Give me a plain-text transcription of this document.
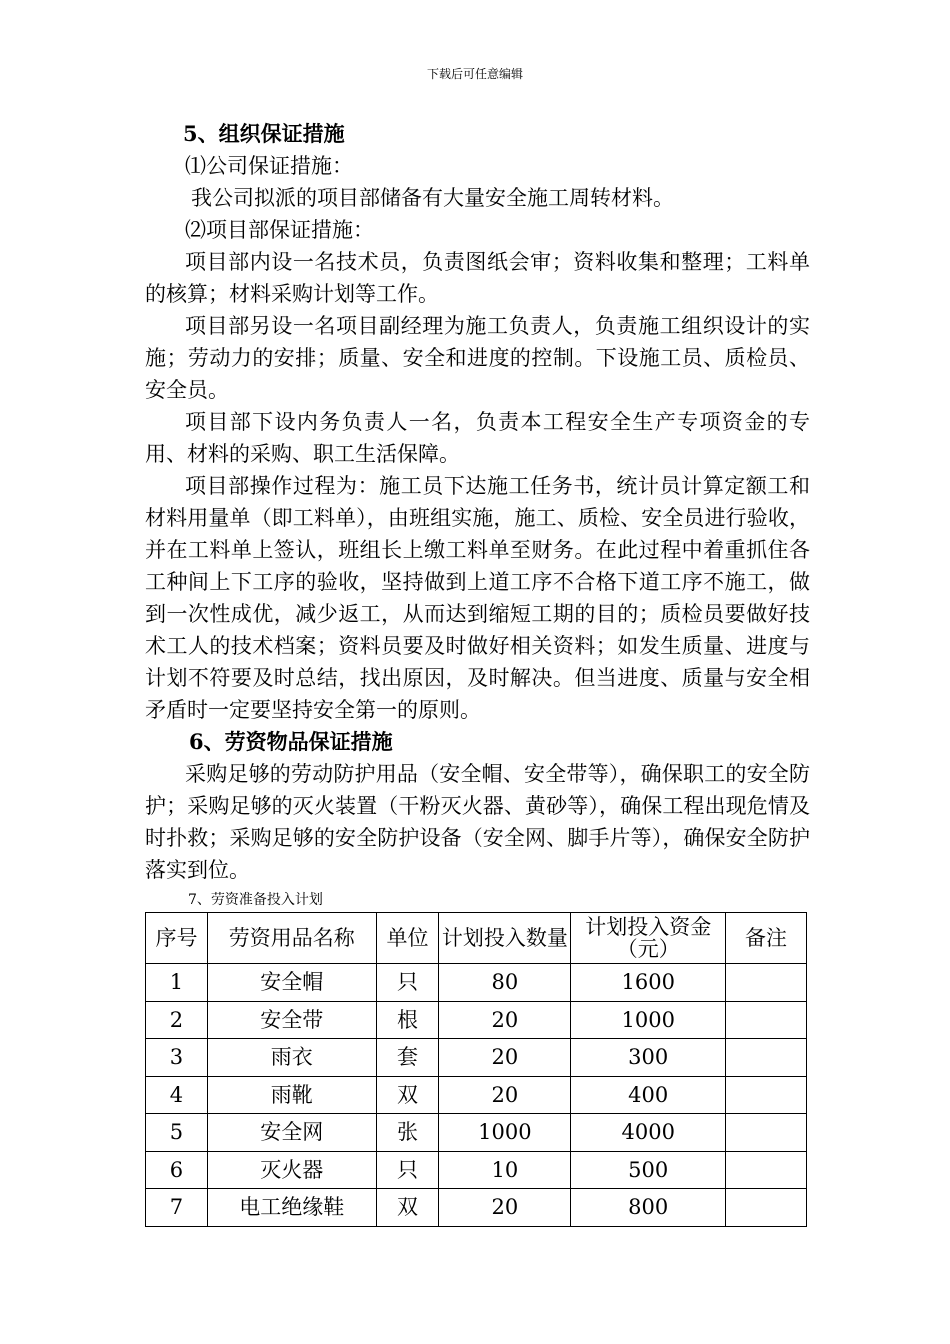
下载后可任意编辑

5、组织保证措施

⑴公司保证措施：

我公司拟派的项目部储备有大量安全施工周转材料。

⑵项目部保证措施：

项目部内设一名技术员，负责图纸会审；资料收集和整理；工料单的核算；材料采购计划等工作。

项目部另设一名项目副经理为施工负责人，负责施工组织设计的实施；劳动力的安排；质量、安全和进度的控制。下设施工员、质检员、安全员。

项目部下设内务负责人一名，负责本工程安全生产专项资金的专用、材料的采购、职工生活保障。

项目部操作过程为：施工员下达施工任务书，统计员计算定额工和材料用量单（即工料单），由班组实施，施工、质检、安全员进行验收，并在工料单上签认，班组长上缴工料单至财务。在此过程中着重抓住各工种间上下工序的验收，坚持做到上道工序不合格下道工序不施工，做到一次性成优，减少返工，从而达到缩短工期的目的；质检员要做好技术工人的技术档案；资料员要及时做好相关资料；如发生质量、进度与计划不符要及时总结，找出原因，及时解决。但当进度、质量与安全相矛盾时一定要坚持安全第一的原则。

6、劳资物品保证措施

采购足够的劳动防护用品（安全帽、安全带等），确保职工的安全防护；采购足够的灭火装置（干粉灭火器、黄砂等），确保工程出现危情及时扑救；采购足够的安全防护设备（安全网、脚手片等），确保安全防护落实到位。

7、劳资准备投入计划
序号	劳资用品名称	单位	计划投入数量	计划投入资金（元）	备注
1	安全帽	只	80	1600	
2	安全带	根	20	1000	
3	雨衣	套	20	300	
4	雨靴	双	20	400	
5	安全网	张	1000	4000	
6	灭火器	只	10	500	
7	电工绝缘鞋	双	20	800	
